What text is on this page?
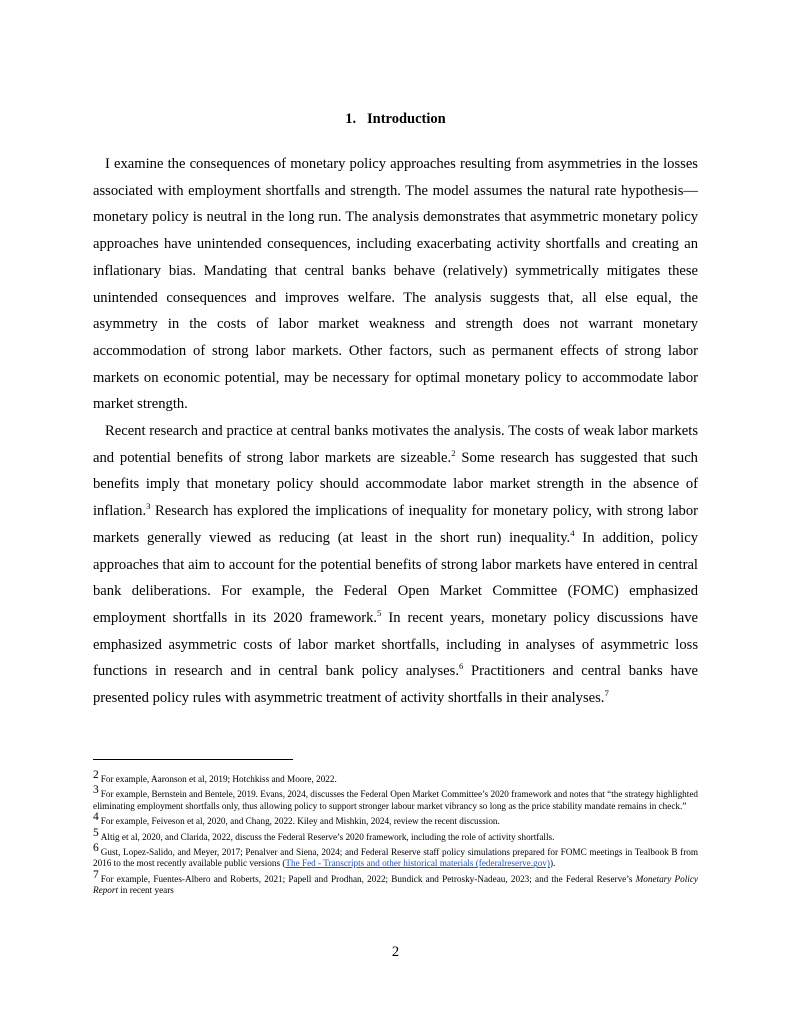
1. Introduction

I examine the consequences of monetary policy approaches resulting from asymmetries in the losses associated with employment shortfalls and strength. The model assumes the natural rate hypothesis—monetary policy is neutral in the long run. The analysis demonstrates that asymmetric monetary policy approaches have unintended consequences, including exacerbating activity shortfalls and creating an inflationary bias. Mandating that central banks behave (relatively) symmetrically mitigates these unintended consequences and improves welfare. The analysis suggests that, all else equal, the asymmetry in the costs of labor market weakness and strength does not warrant monetary accommodation of strong labor markets. Other factors, such as permanent effects of strong labor markets on economic potential, may be necessary for optimal monetary policy to accommodate labor market strength.

Recent research and practice at central banks motivates the analysis. The costs of weak labor markets and potential benefits of strong labor markets are sizeable.$^2$ Some research has suggested that such benefits imply that monetary policy should accommodate labor market strength in the absence of inflation.$^3$ Research has explored the implications of inequality for monetary policy, with strong labor markets generally viewed as reducing (at least in the short run) inequality.$^4$ In addition, policy approaches that aim to account for the potential benefits of strong labor markets have entered in central bank deliberations. For example, the Federal Open Market Committee (FOMC) emphasized employment shortfalls in its 2020 framework.$^5$ In recent years, monetary policy discussions have emphasized asymmetric costs of labor market shortfalls, including in analyses of asymmetric loss functions in research and in central bank policy analyses.$^6$ Practitioners and central banks have presented policy rules with asymmetric treatment of activity shortfalls in their analyses.$^7$

2 For example, Aaronson et al, 2019; Hotchkiss and Moore, 2022.

3 For example, Bernstein and Bentele, 2019. Evans, 2024, discusses the Federal Open Market Committee’s 2020 framework and notes that “the strategy highlighted eliminating employment shortfalls only, thus allowing policy to support stronger labour market vibrancy so long as the price stability mandate remains in check.”

4 For example, Feiveson et al, 2020, and Chang, 2022. Kiley and Mishkin, 2024, review the recent discussion.

5 Altig et al, 2020, and Clarida, 2022, discuss the Federal Reserve’s 2020 framework, including the role of activity shortfalls.

6 Gust, Lopez-Salido, and Meyer, 2017; Penalver and Siena, 2024; and Federal Reserve staff policy simulations prepared for FOMC meetings in Tealbook B from 2016 to the most recently available public versions (The Fed - Transcripts and other historical materials (federalreserve.gov)).

7 For example, Fuentes-Albero and Roberts, 2021; Papell and Prodhan, 2022; Bundick and Petrosky-Nadeau, 2023; and the Federal Reserve’s Monetary Policy Report in recent years

2
